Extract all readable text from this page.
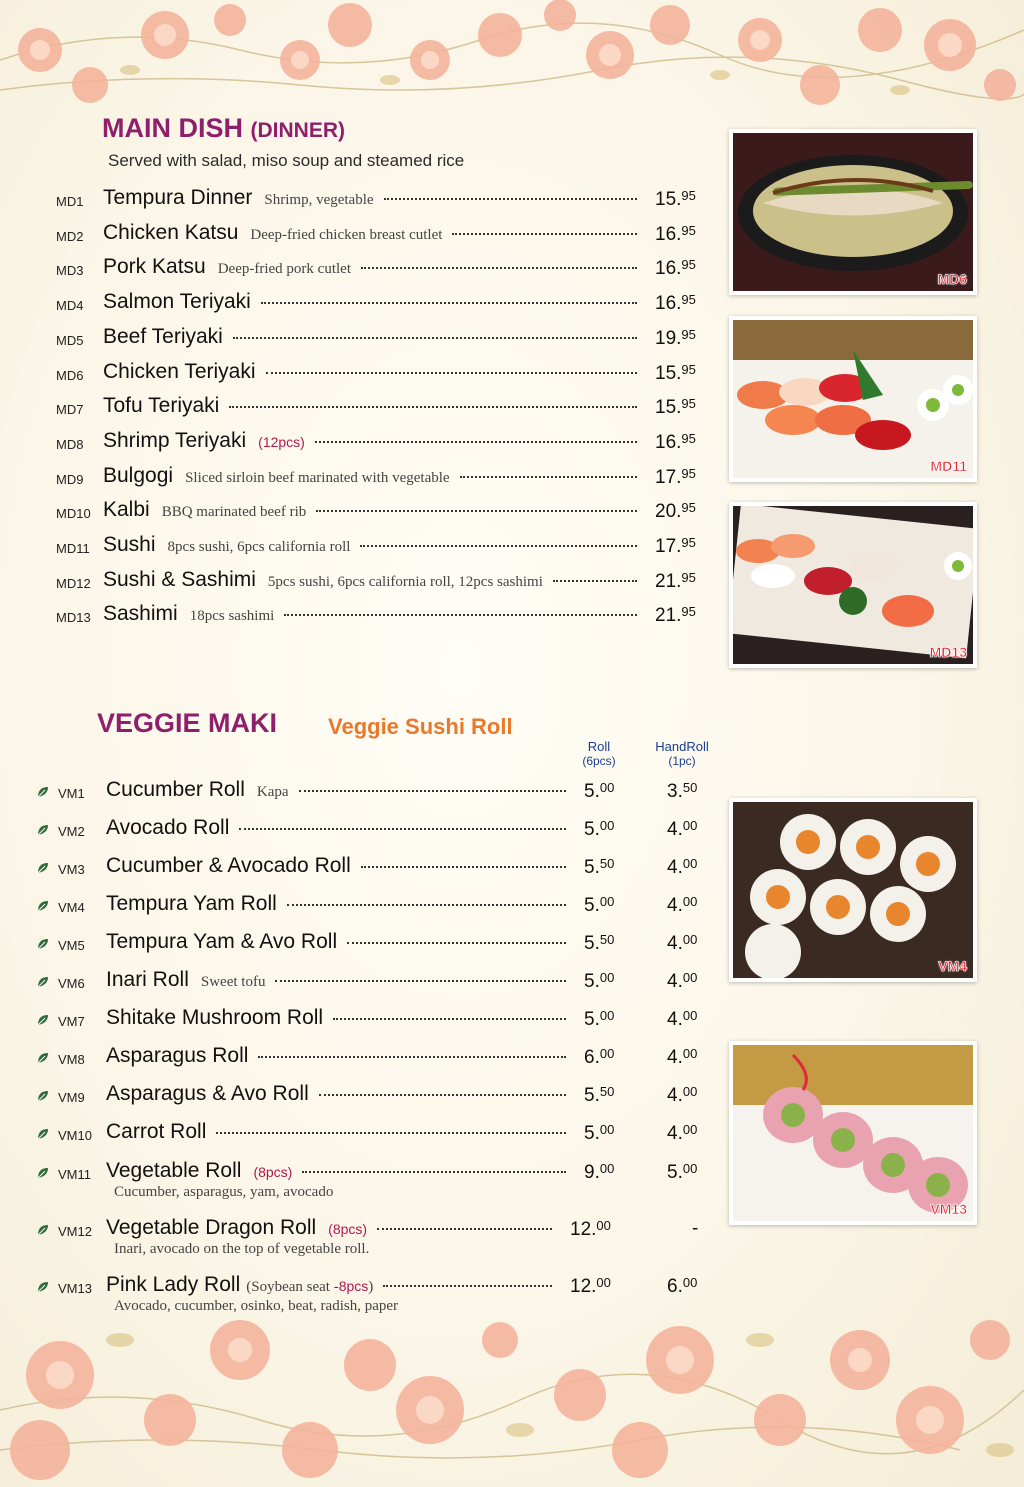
MAIN DISH (DINNER)
Served with salad, miso soup and steamed rice
MD1 Tempura Dinner Shrimp, vegetable	15.95
MD2 Chicken Katsu Deep-fried chicken breast cutlet	16.95
MD3 Pork Katsu Deep-fried pork cutlet	16.95
MD4 Salmon Teriyaki	16.95
MD5 Beef Teriyaki	19.95
MD6 Chicken Teriyaki	15.95
MD7 Tofu Teriyaki	15.95
MD8 Shrimp Teriyaki (12pcs)	16.95
MD9 Bulgogi Sliced sirloin beef marinated with vegetable	17.95
MD10 Kalbi BBQ marinated beef rib	20.95
MD11 Sushi 8pcs sushi, 6pcs california roll	17.95
MD12 Sushi & Sashimi 5pcs sushi, 6pcs california roll, 12pcs sashimi	21.95
MD13 Sashimi 18pcs sashimi	21.95
MD6
MD11
MD13
VEGGIE MAKI Veggie Sushi Roll
Roll
(6pcs)
HandRoll
(1pc)
VM1 Cucumber Roll Kapa	5.00	3.50
VM2 Avocado Roll	5.00	4.00
VM3 Cucumber & Avocado Roll	5.50	4.00
VM4 Tempura Yam Roll	5.00	4.00
VM5 Tempura Yam & Avo Roll	5.50	4.00
VM6 Inari Roll Sweet tofu	5.00	4.00
VM7 Shitake Mushroom Roll	5.00	4.00
VM8 Asparagus Roll	6.00	4.00
VM9 Asparagus & Avo Roll	5.50	4.00
VM10 Carrot Roll	5.00	4.00
VM11 Vegetable Roll (8pcs)	9.00	5.00
Cucumber, asparagus, yam, avocado
VM12 Vegetable Dragon Roll (8pcs)	12.00	-
Inari, avocado on the top of vegetable roll.
VM13 Pink Lady Roll (Soybean seat - 8pcs )	12.00	6.00
Avocado, cucumber, osinko, beat, radish, paper
VM4
VM13
